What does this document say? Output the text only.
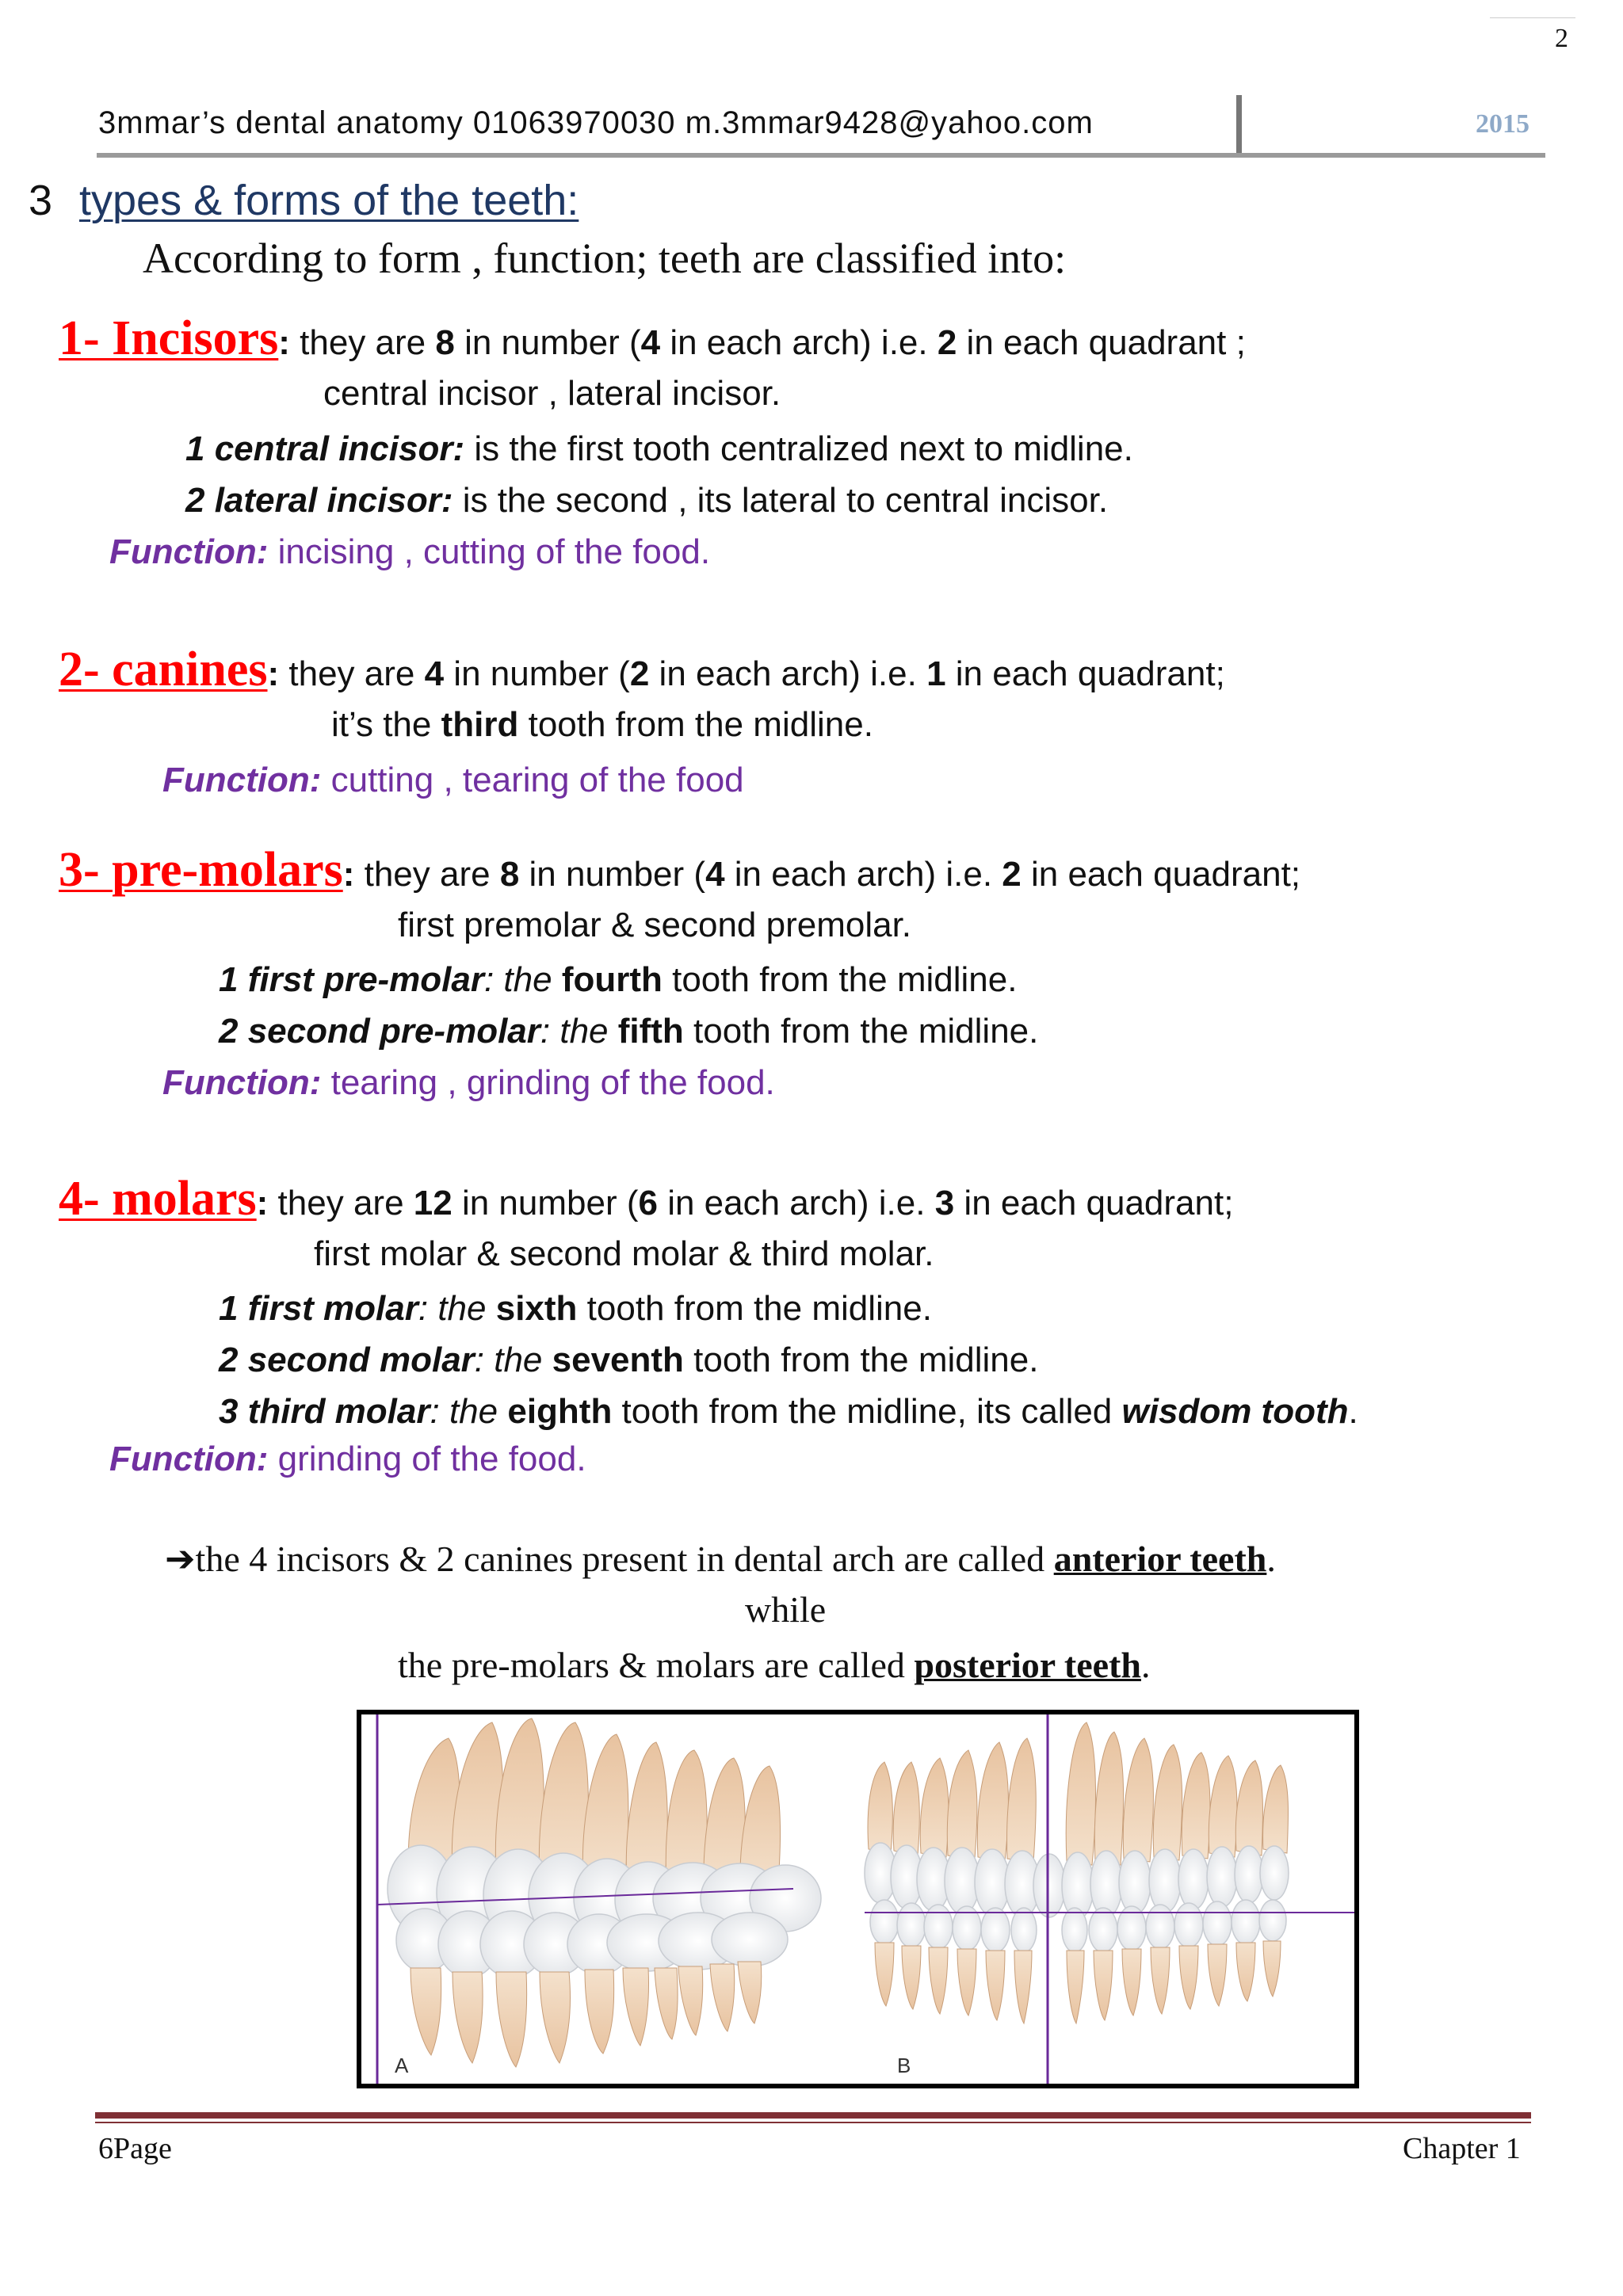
2
3mmar’s dental anatomy 01063970030 m.3mmar9428@yahoo.com	2015
3 types & forms of the teeth:
According to form , function; teeth are classified into:
1- Incisors: they are 8 in number (4 in each arch) i.e. 2 in each quadrant ;
central incisor , lateral incisor.
1 central incisor: is the first tooth centralized next to midline.
2 lateral incisor: is the second , its lateral to central incisor.
Function: incising , cutting of the food.
2- canines: they are 4 in number (2 in each arch) i.e. 1 in each quadrant;
it’s the third tooth from the midline.
Function: cutting , tearing of the food
3- pre-molars: they are 8 in number (4 in each arch) i.e. 2 in each quadrant;
first premolar & second premolar.
1 first pre-molar: the fourth tooth from the midline.
2 second pre-molar: the fifth tooth from the midline.
Function: tearing , grinding of the food.
4- molars: they are 12 in number (6 in each arch) i.e. 3 in each quadrant;
first molar & second molar & third molar.
1 first molar: the sixth tooth from the midline.
2 second molar: the seventh tooth from the midline.
3 third molar: the eighth tooth from the midline, its called wisdom tooth.
Function: grinding of the food.
➔the 4 incisors & 2 canines present in dental arch are called anterior teeth.
while
the pre-molars & molars are called posterior teeth.
A	B
6Page	Chapter 1
